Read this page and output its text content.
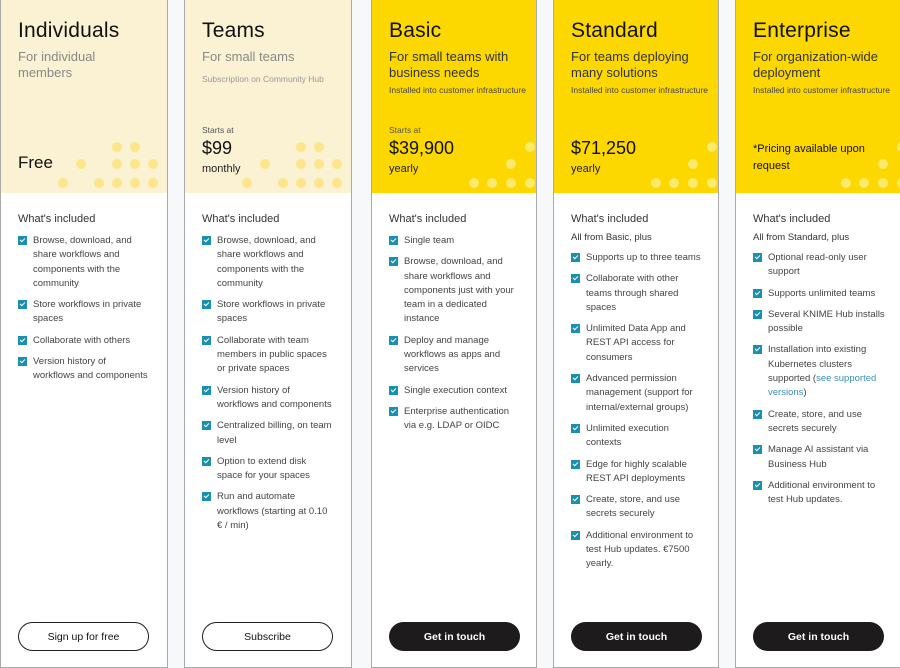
Individuals
For individual members
Free
What's included
Browse, download, and share workflows and components with the community
Store workflows in private spaces
Collaborate with others
Version history of workflows and components
Sign up for free
Teams
For small teams
Subscription on Community Hub
Starts at
$99
monthly
What's included
Browse, download, and share workflows and components with the community
Store workflows in private spaces
Collaborate with team members in public spaces or private spaces
Version history of workflows and components
Centralized billing, on team level
Option to extend disk space for your spaces
Run and automate workflows (starting at 0.10 € / min)
Subscribe
Basic
For small teams with business needs
Installed into customer infrastructure
Starts at
$39,900
yearly
What's included
Single team
Browse, download, and share workflows and components just with your team in a dedicated instance
Deploy and manage workflows as apps and services
Single execution context
Enterprise authentication via e.g. LDAP or OIDC
Get in touch
Standard
For teams deploying many solutions
Installed into customer infrastructure
$71,250
yearly
What's included
All from Basic, plus
Supports up to three teams
Collaborate with other teams through shared spaces
Unlimited Data App and REST API access for consumers
Advanced permission management (support for internal/external groups)
Unlimited execution contexts
Edge for highly scalable REST API deployments
Create, store, and use secrets securely
Additional environment to test Hub updates. €7500 yearly.
Get in touch
Enterprise
For organization-wide deployment
Installed into customer infrastructure
*Pricing available upon request
What's included
All from Standard, plus
Optional read-only user support
Supports unlimited teams
Several KNIME Hub installs possible
Installation into existing Kubernetes clusters supported (see supported versions)
Create, store, and use secrets securely
Manage AI assistant via Business Hub
Additional environment to test Hub updates.
Get in touch
